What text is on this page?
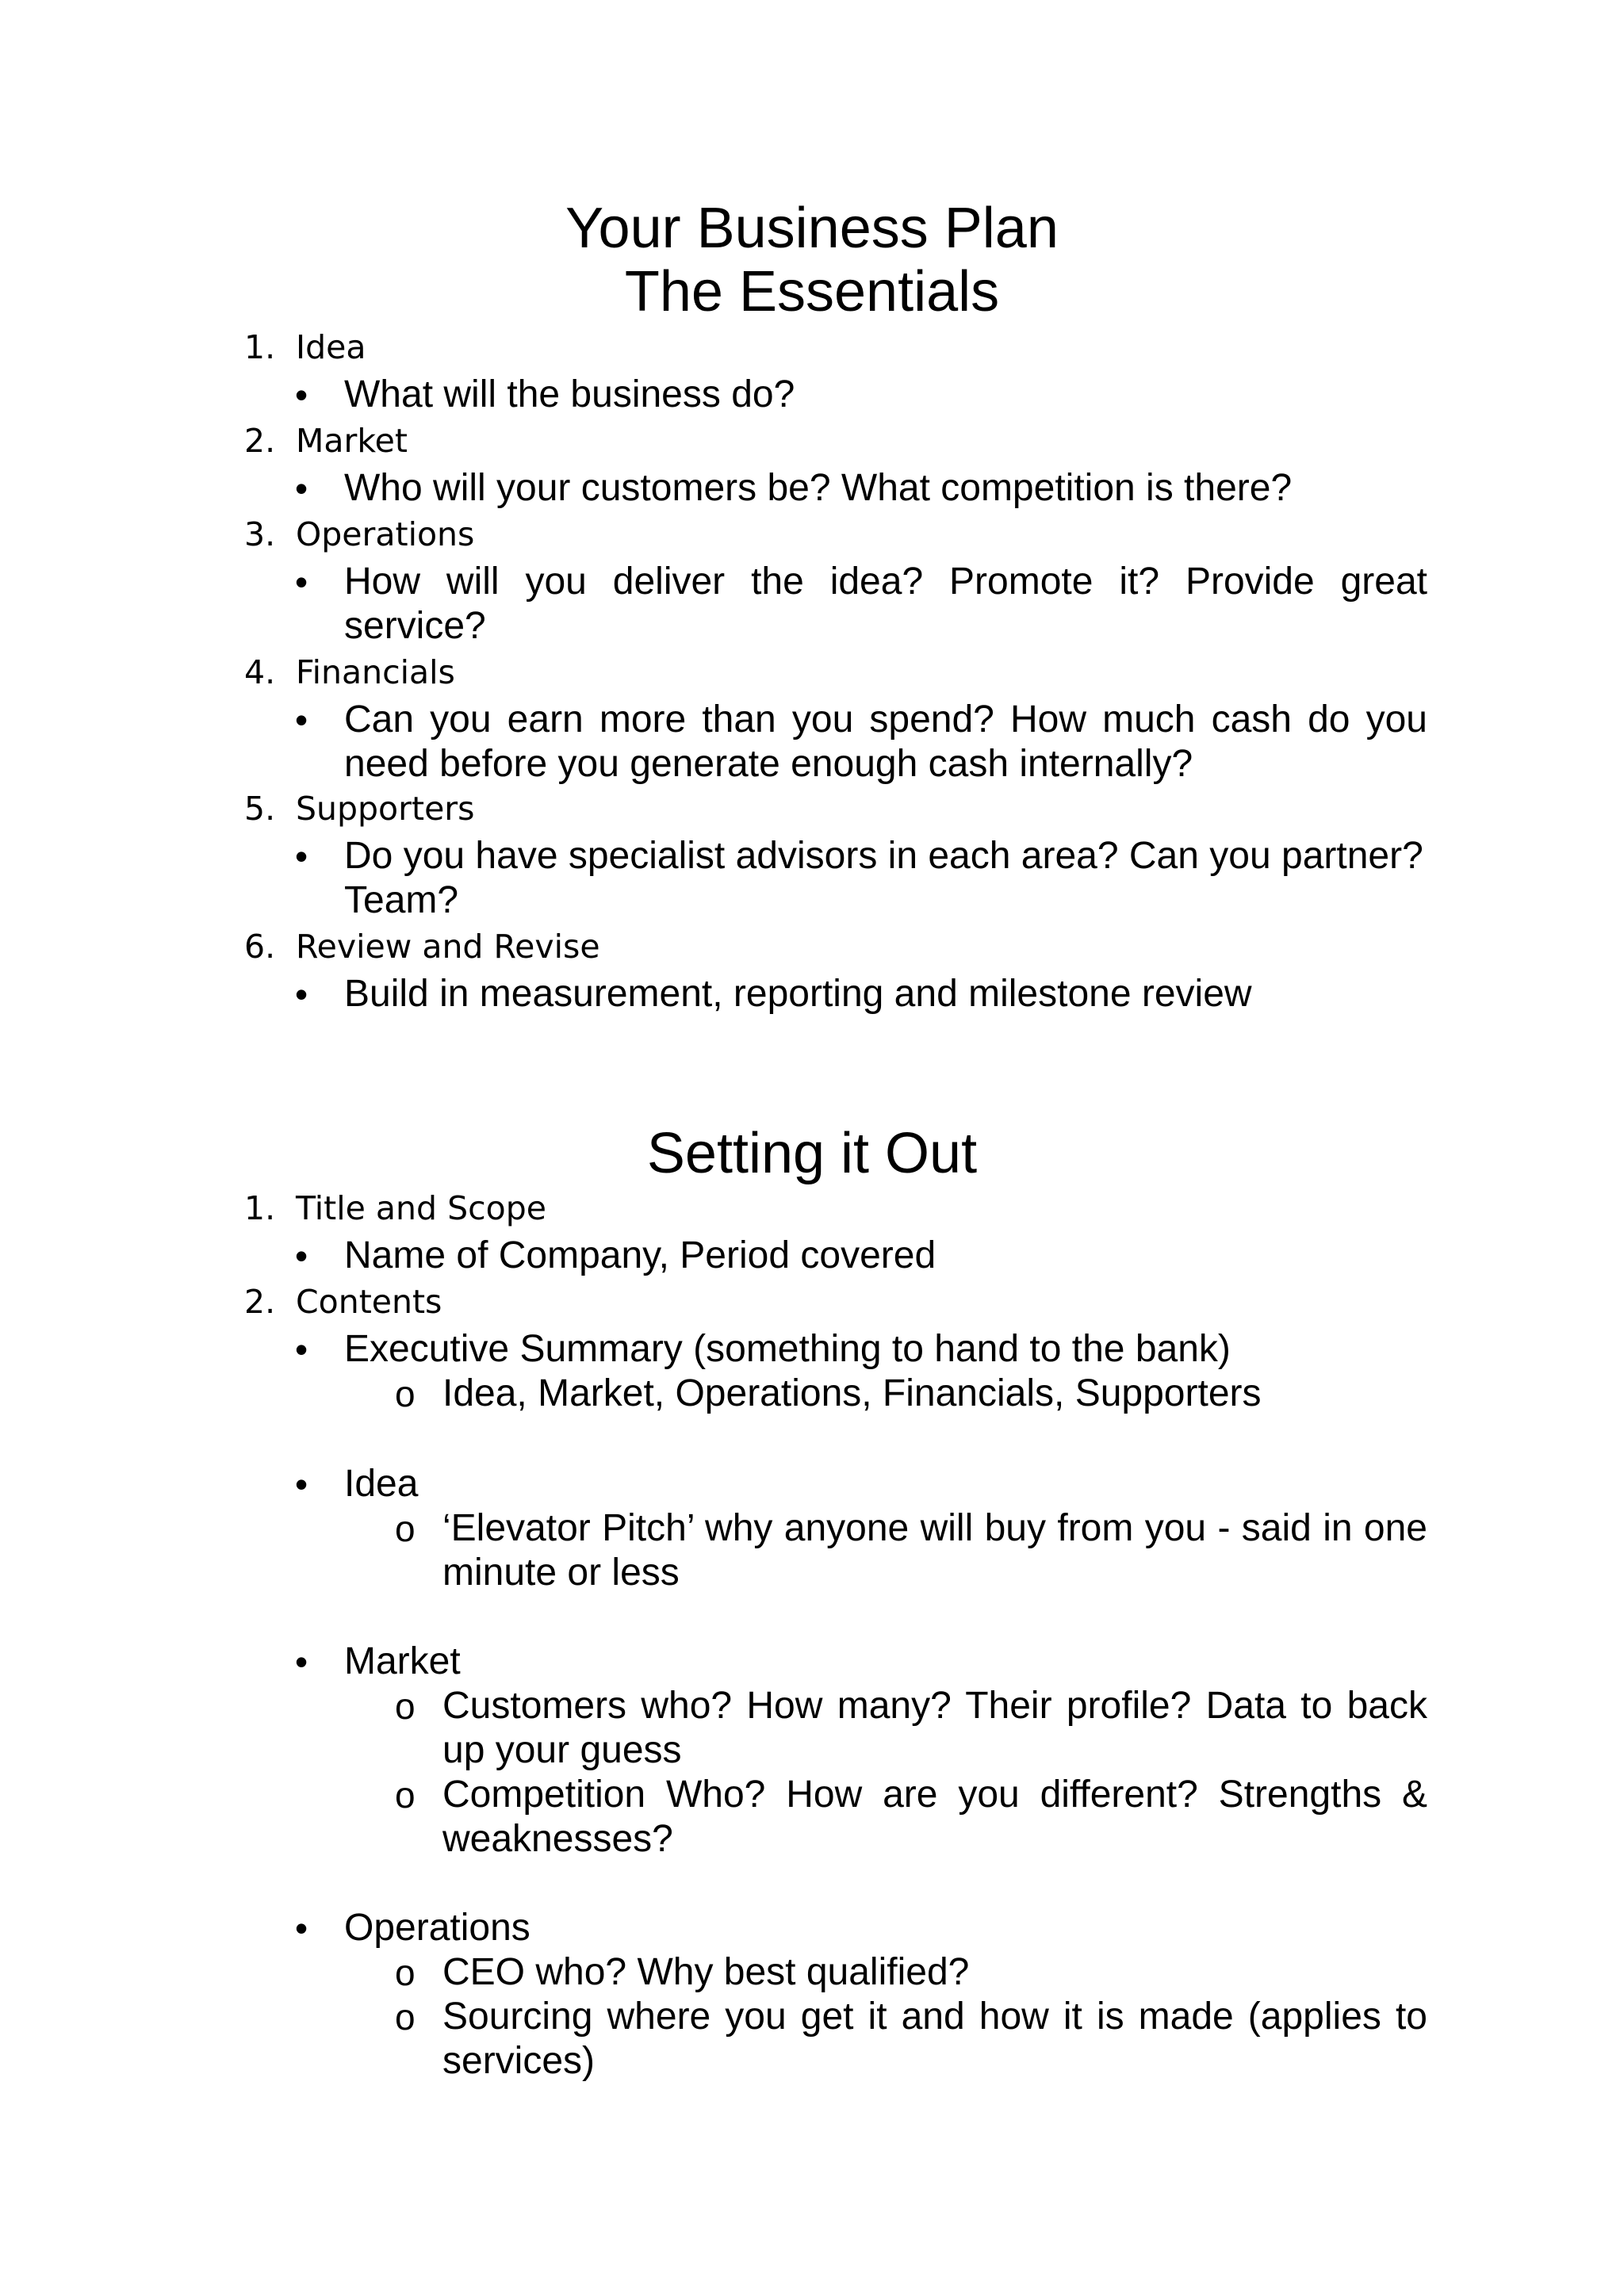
Your Business Plan
The Essentials
1. Idea
• What will the business do?
2. Market
• Who will your customers be? What competition is there?
3. Operations
• How will you deliver the idea? Promote it? Provide great service?
4. Financials
• Can you earn more than you spend? How much cash do you need before you generate enough cash internally?
5. Supporters
• Do you have specialist advisors in each area? Can you partner? Team?
6. Review and Revise
• Build in measurement, reporting and milestone review
Setting it Out
1. Title and Scope
• Name of Company, Period covered
2. Contents
• Executive Summary (something to hand to the bank)
o Idea, Market, Operations, Financials, Supporters
• Idea
o ‘Elevator Pitch’ why anyone will buy from you - said in one minute or less
• Market
o Customers who? How many? Their profile? Data to back up your guess
o Competition Who? How are you different? Strengths & weaknesses?
• Operations
o CEO who? Why best qualified?
o Sourcing where you get it and how it is made (applies to services)
